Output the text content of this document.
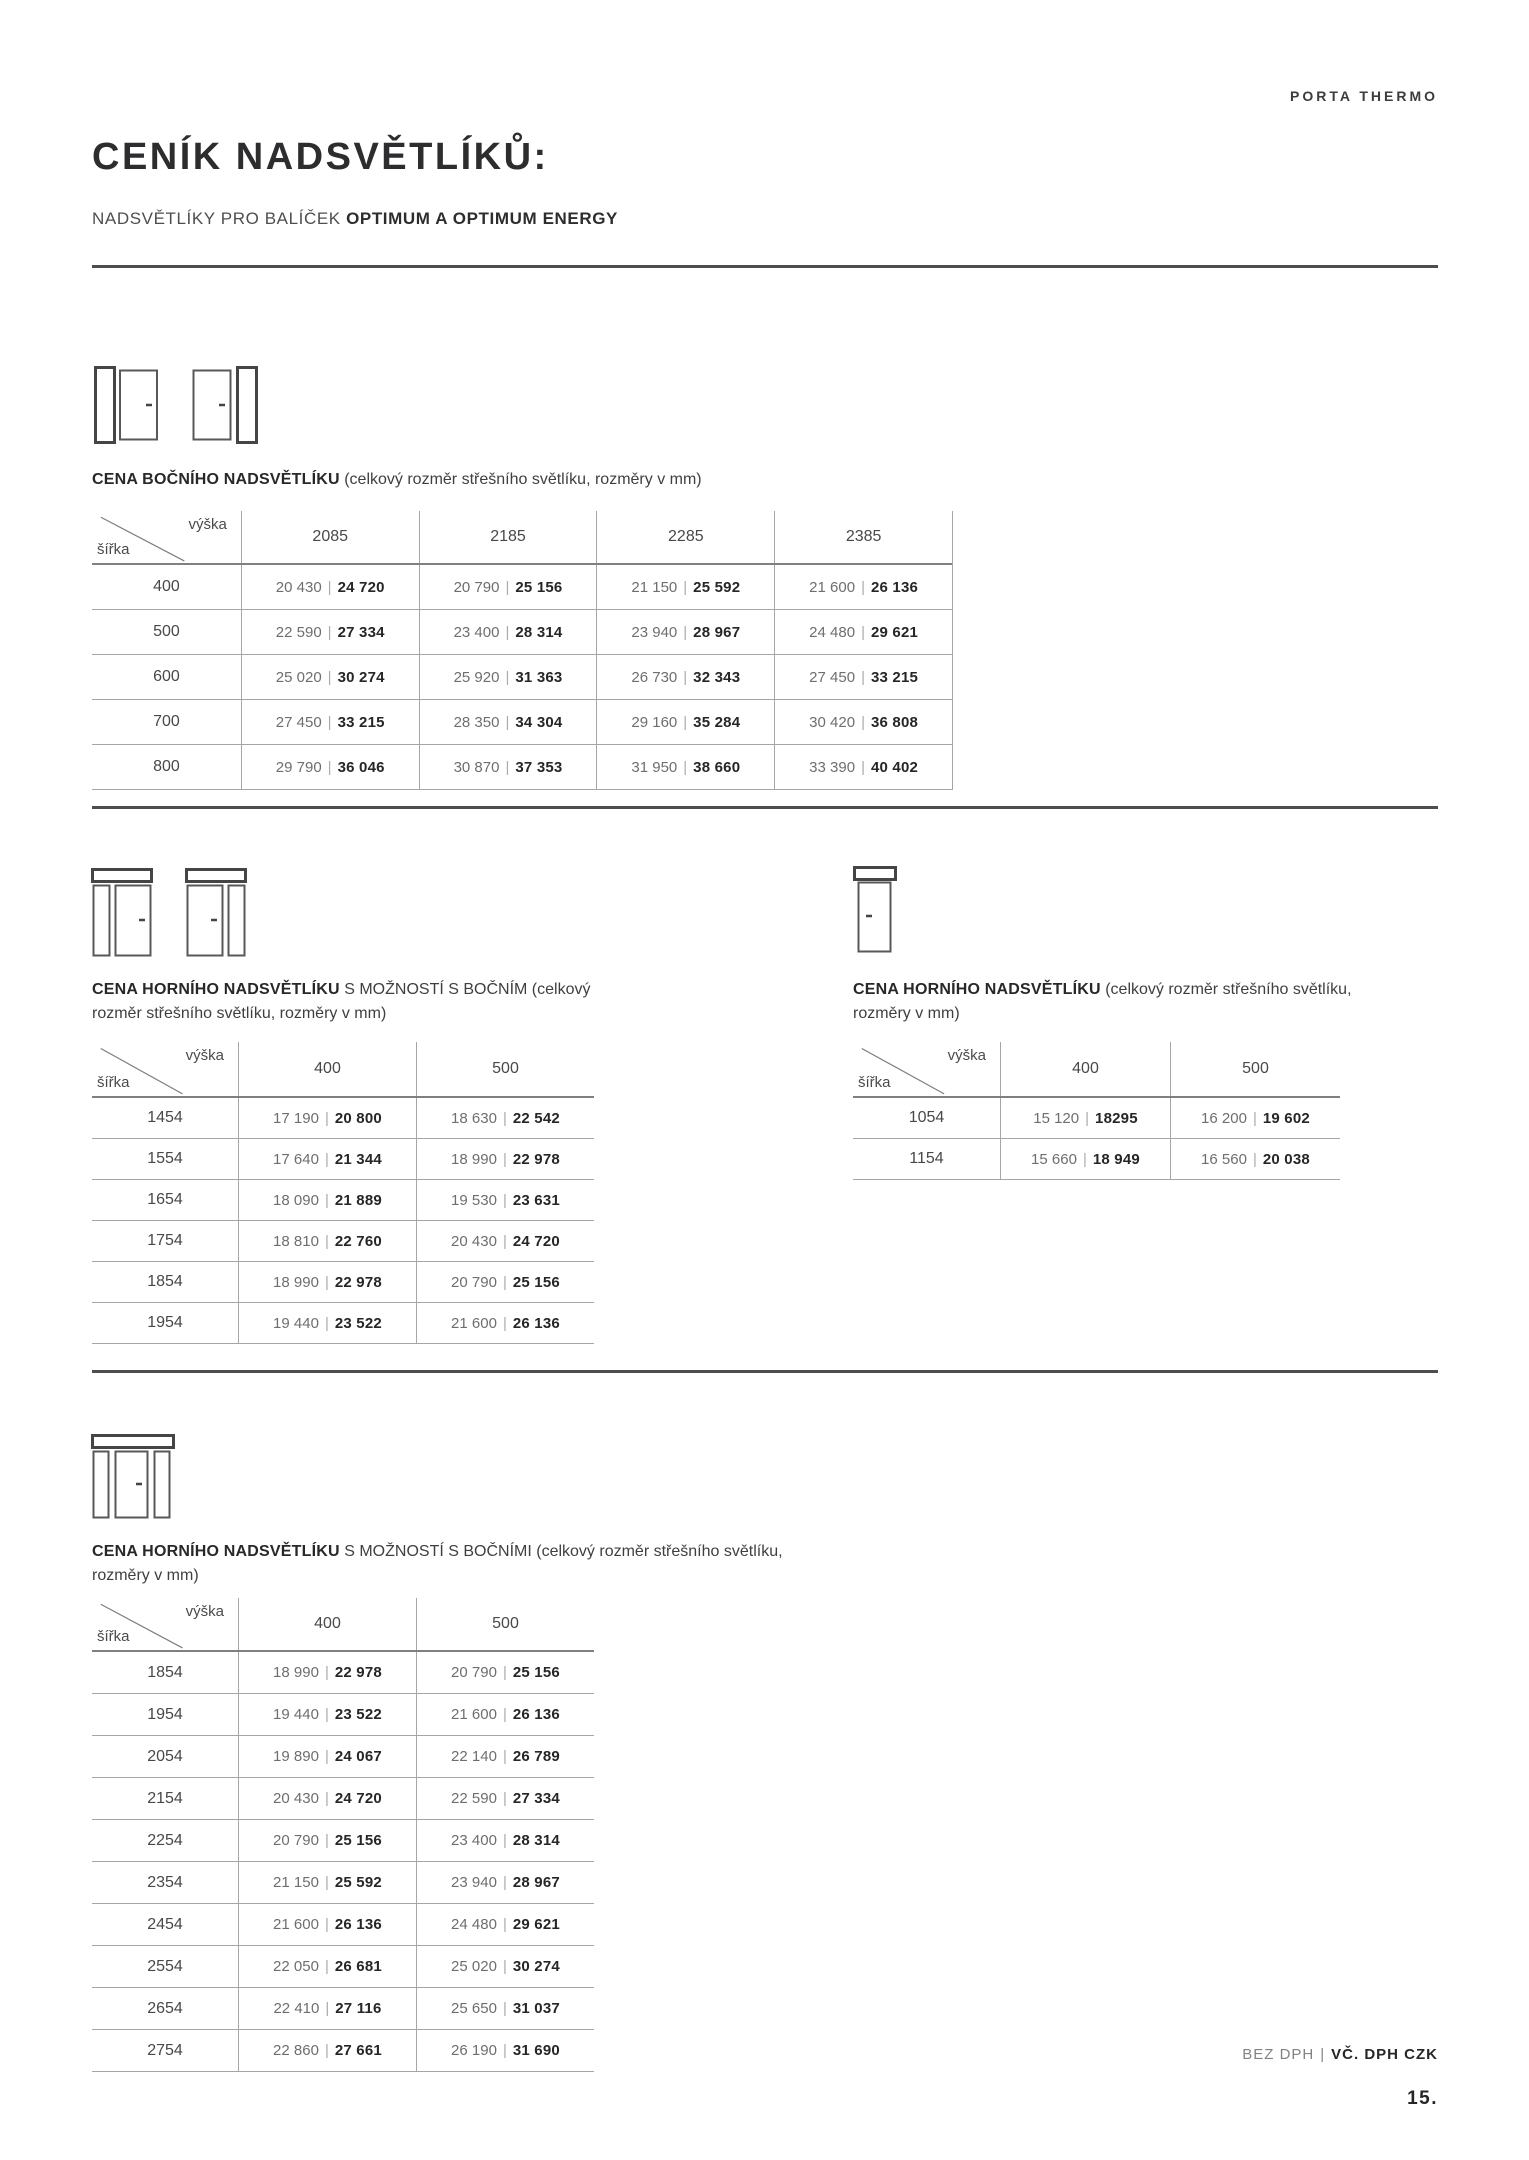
PORTA THERMO
CENÍK NADSVĚTLÍKŮ:

NADSVĚTLÍKY PRO BALÍČEK OPTIMUM A OPTIMUM ENERGY

CENA BOČNÍHO NADSVĚTLÍKU (celkový rozměr střešního světlíku, rozměry v mm)

výška
šířka
2085	2185	2285	2385
400	20 430 | 24 720	20 790 | 25 156	21 150 | 25 592	21 600 | 26 136
500	22 590 | 27 334	23 400 | 28 314	23 940 | 28 967	24 480 | 29 621
600	25 020 | 30 274	25 920 | 31 363	26 730 | 32 343	27 450 | 33 215
700	27 450 | 33 215	28 350 | 34 304	29 160 | 35 284	30 420 | 36 808
800	29 790 | 36 046	30 870 | 37 353	31 950 | 38 660	33 390 | 40 402

CENA HORNÍHO NADSVĚTLÍKU S MOŽNOSTÍ S BOČNÍM (celkový rozměr střešního světlíku, rozměry v mm)

výška
šířka
400	500
1454	17 190 | 20 800	18 630 | 22 542
1554	17 640 | 21 344	18 990 | 22 978
1654	18 090 | 21 889	19 530 | 23 631
1754	18 810 | 22 760	20 430 | 24 720
1854	18 990 | 22 978	20 790 | 25 156
1954	19 440 | 23 522	21 600 | 26 136

CENA HORNÍHO NADSVĚTLÍKU (celkový rozměr střešního světlíku, rozměry v mm)

výška
šířka
400	500
1054	15 120 | 18295	16 200 | 19 602
1154	15 660 | 18 949	16 560 | 20 038

CENA HORNÍHO NADSVĚTLÍKU S MOŽNOSTÍ S BOČNÍMI (celkový rozměr střešního světlíku, rozměry v mm)

výška
šířka
400	500
1854	18 990 | 22 978	20 790 | 25 156
1954	19 440 | 23 522	21 600 | 26 136
2054	19 890 | 24 067	22 140 | 26 789
2154	20 430 | 24 720	22 590 | 27 334
2254	20 790 | 25 156	23 400 | 28 314
2354	21 150 | 25 592	23 940 | 28 967
2454	21 600 | 26 136	24 480 | 29 621
2554	22 050 | 26 681	25 020 | 30 274
2654	22 410 | 27 116	25 650 | 31 037
2754	22 860 | 27 661	26 190 | 31 690	BEZ DPH | VČ. DPH CZK
15.
